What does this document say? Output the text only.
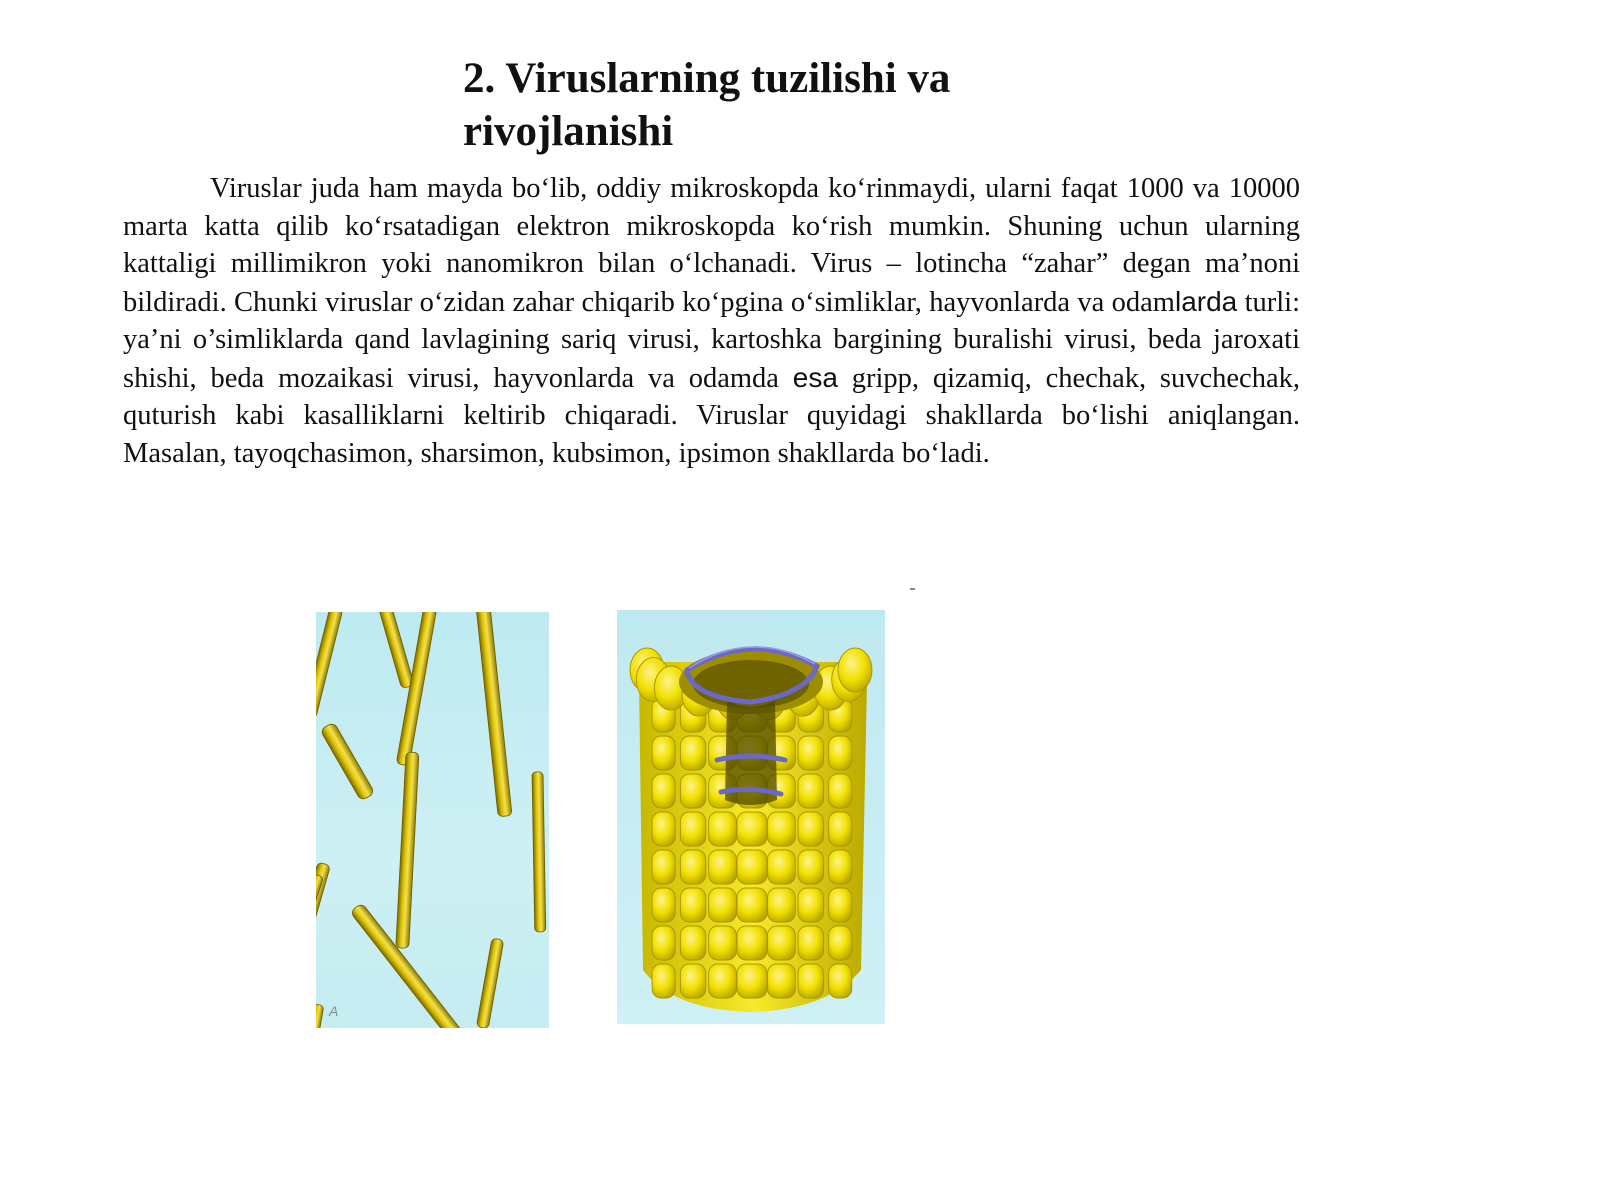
2. Viruslarning tuzilishi va
rivojlanishi

Viruslar juda ham mayda bo‘lib, oddiy mikroskopda ko‘rinmaydi, ularni faqat 1000 va 10000 marta katta qilib ko‘rsatadigan elektron mikroskopda ko‘rish mumkin. Shuning uchun ularning kattaligi millimikron yoki nanomikron bilan o‘lchanadi. Virus – lotincha “zahar” degan ma’noni bildiradi. Chunki viruslar o‘zidan zahar chiqarib ko‘pgina o‘simliklar, hayvonlarda va odamlarda turli: ya’ni o’simliklarda qand lavlagining sariq virusi, kartoshka bargining buralishi virusi, beda jaroxati shishi, beda mozaikasi virusi, hayvonlarda va odamda esa gripp, qizamiq, chechak, suvchechak, quturish kabi kasalliklarni keltirib chiqaradi. Viruslar quyidagi shakllarda bo‘lishi aniqlangan. Masalan, tayoqchasimon, sharsimon, kubsimon, ipsimon shakllarda bo‘ladi.

A
